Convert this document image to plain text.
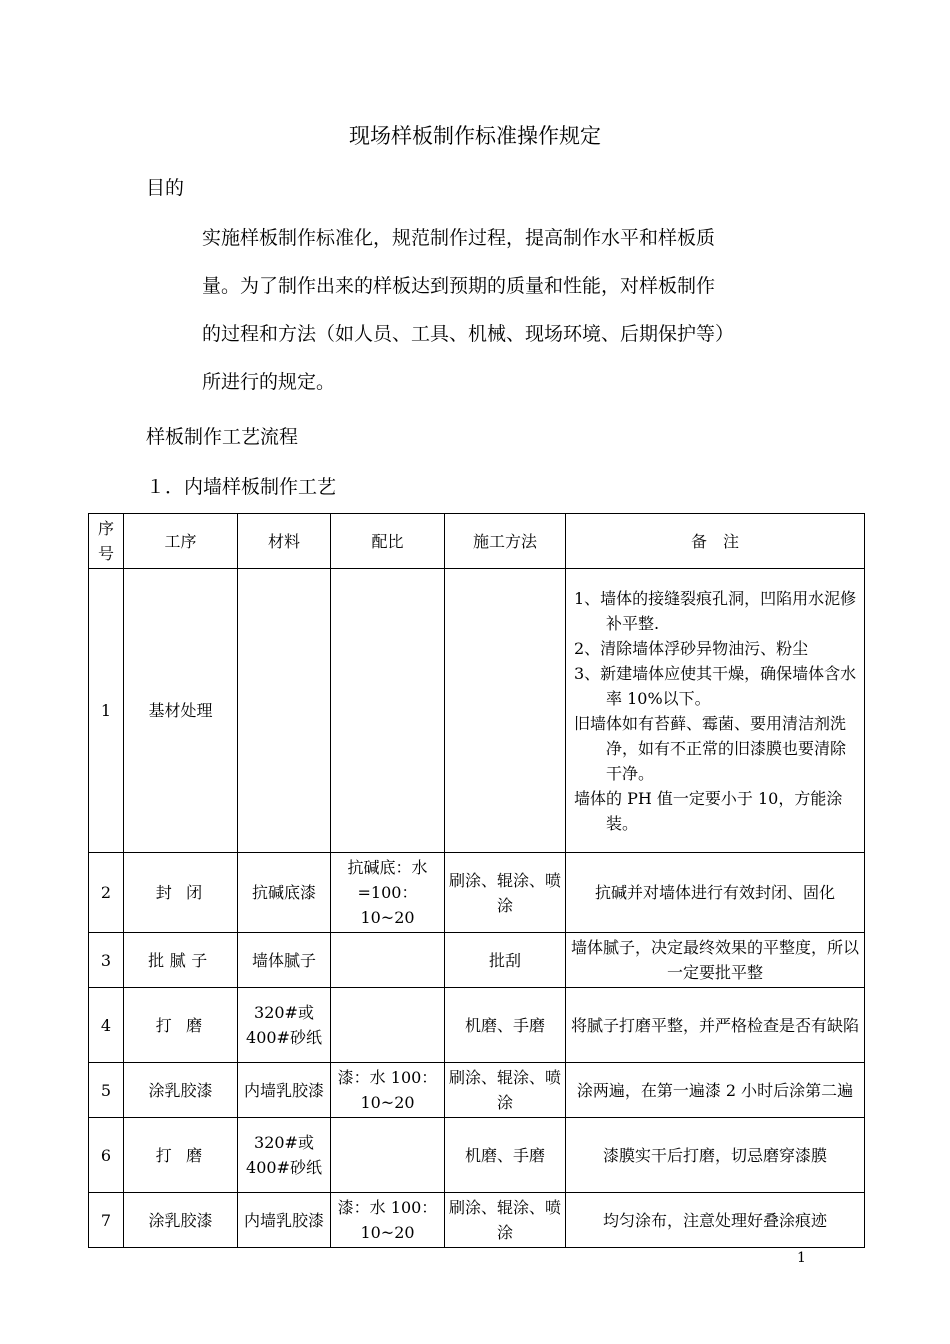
现场样板制作标准操作规定
目的
实施样板制作标准化，规范制作过程，提高制作水平和样板质
量。为了制作出来的样板达到预期的质量和性能，对样板制作
的过程和方法（如人员、工具、机械、现场环境、后期保护等）
所进行的规定。
样板制作工艺流程
１．内墙样板制作工艺
序号	工序	材料	配比	施工方法	备　注
1	基材处理				1、墙体的接缝裂痕孔洞，凹陷用水泥修补平整.
2、清除墙体浮砂异物油污、粉尘
3、新建墙体应使其干燥，确保墙体含水率 10%以下。
旧墙体如有苔藓、霉菌、要用清洁剂洗净，如有不正常的旧漆膜也要清除干净。
墙体的 PH 值一定要小于 10，方能涂装。

2	封闭	抗碱底漆	抗碱底：水=100：10~20	刷涂、辊涂、喷涂	抗碱并对墙体进行有效封闭、固化
3	批腻子	墙体腻子		批刮	墙体腻子，决定最终效果的平整度，所以一定要批平整
4	打磨	320#或400#砂纸		机磨、手磨	将腻子打磨平整，并严格检查是否有缺陷
5	涂乳胶漆	内墙乳胶漆	漆：水 100：10~20	刷涂、辊涂、喷涂	涂两遍，在第一遍漆 2 小时后涂第二遍
6	打磨	320#或400#砂纸		机磨、手磨	漆膜实干后打磨，切忌磨穿漆膜
7	涂乳胶漆	内墙乳胶漆	漆：水 100：10~20	刷涂、辊涂、喷涂	均匀涂布，注意处理好叠涂痕迹
1
